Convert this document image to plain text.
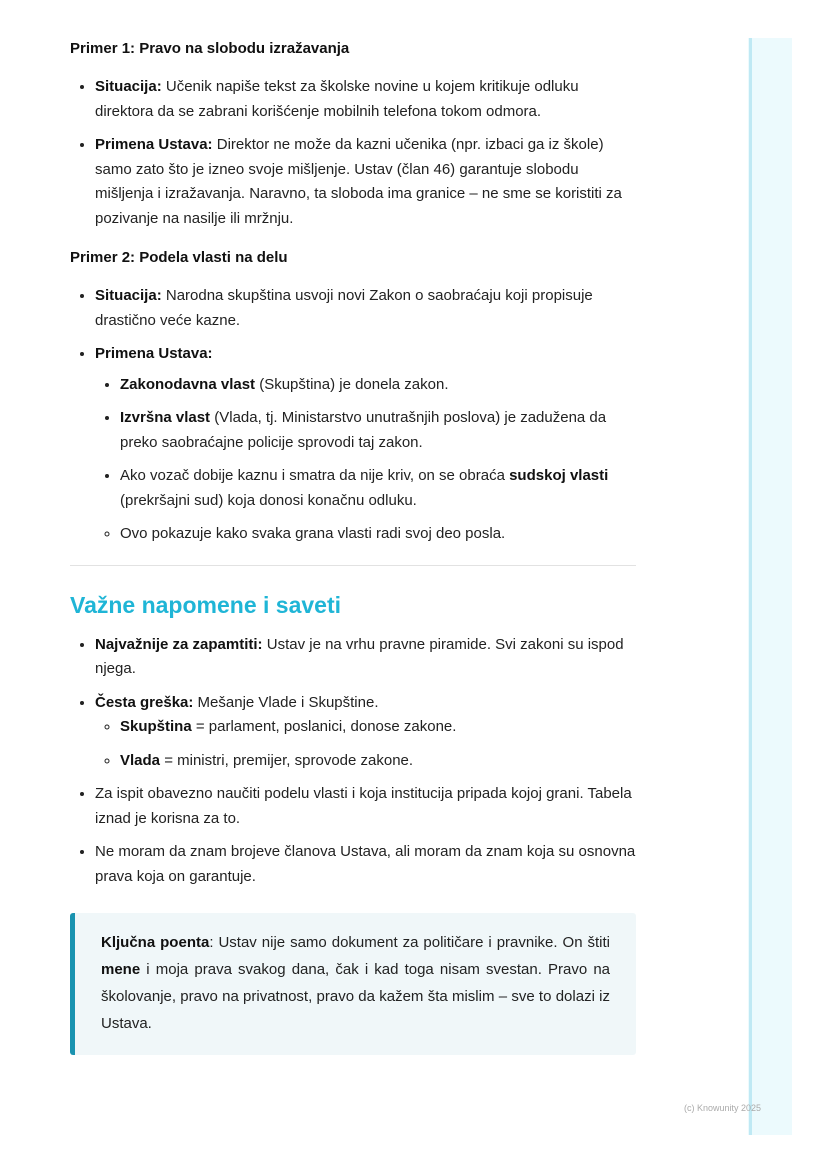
Primer 1: Pravo na slobodu izražavanja
• Situacija: Učenik napiše tekst za školske novine u kojem kritikuje odluku direktora da se zabrani korišćenje mobilnih telefona tokom odmora.
• Primena Ustava: Direktor ne može da kazni učenika (npr. izbaci ga iz škole) samo zato što je izneo svoje mišljenje. Ustav (član 46) garantuje slobodu mišljenja i izražavanja. Naravno, ta sloboda ima granice – ne sme se koristiti za pozivanje na nasilje ili mržnju.
Primer 2: Podela vlasti na delu
• Situacija: Narodna skupština usvoji novi Zakon o saobraćaju koji propisuje drastično veće kazne.
• Primena Ustava:
• Zakonodavna vlast (Skupština) je donela zakon.
• Izvršna vlast (Vlada, tj. Ministarstvo unutrašnjih poslova) je zadužena da preko saobraćajne policije sprovodi taj zakon.
• Ako vozač dobije kaznu i smatra da nije kriv, on se obraća sudskoj vlasti (prekršajni sud) koja donosi konačnu odluku.
◦ Ovo pokazuje kako svaka grana vlasti radi svoj deo posla.
Važne napomene i saveti
• Najvažnije za zapamtiti: Ustav je na vrhu pravne piramide. Svi zakoni su ispod njega.
• Česta greška: Mešanje Vlade i Skupštine.
◦ Skupština = parlament, poslanici, donose zakone.
◦ Vlada = ministri, premijer, sprovode zakone.
• Za ispit obavezno naučiti podelu vlasti i koja institucija pripada kojoj grani. Tabela iznad je korisna za to.
• Ne moram da znam brojeve članova Ustava, ali moram da znam koja su osnovna prava koja on garantuje.
Ključna poenta: Ustav nije samo dokument za političare i pravnike. On štiti mene i moja prava svakog dana, čak i kad toga nisam svestan. Pravo na školovanje, pravo na privatnost, pravo da kažem šta mislim – sve to dolazi iz Ustava.
(c) Knowunity 2025
